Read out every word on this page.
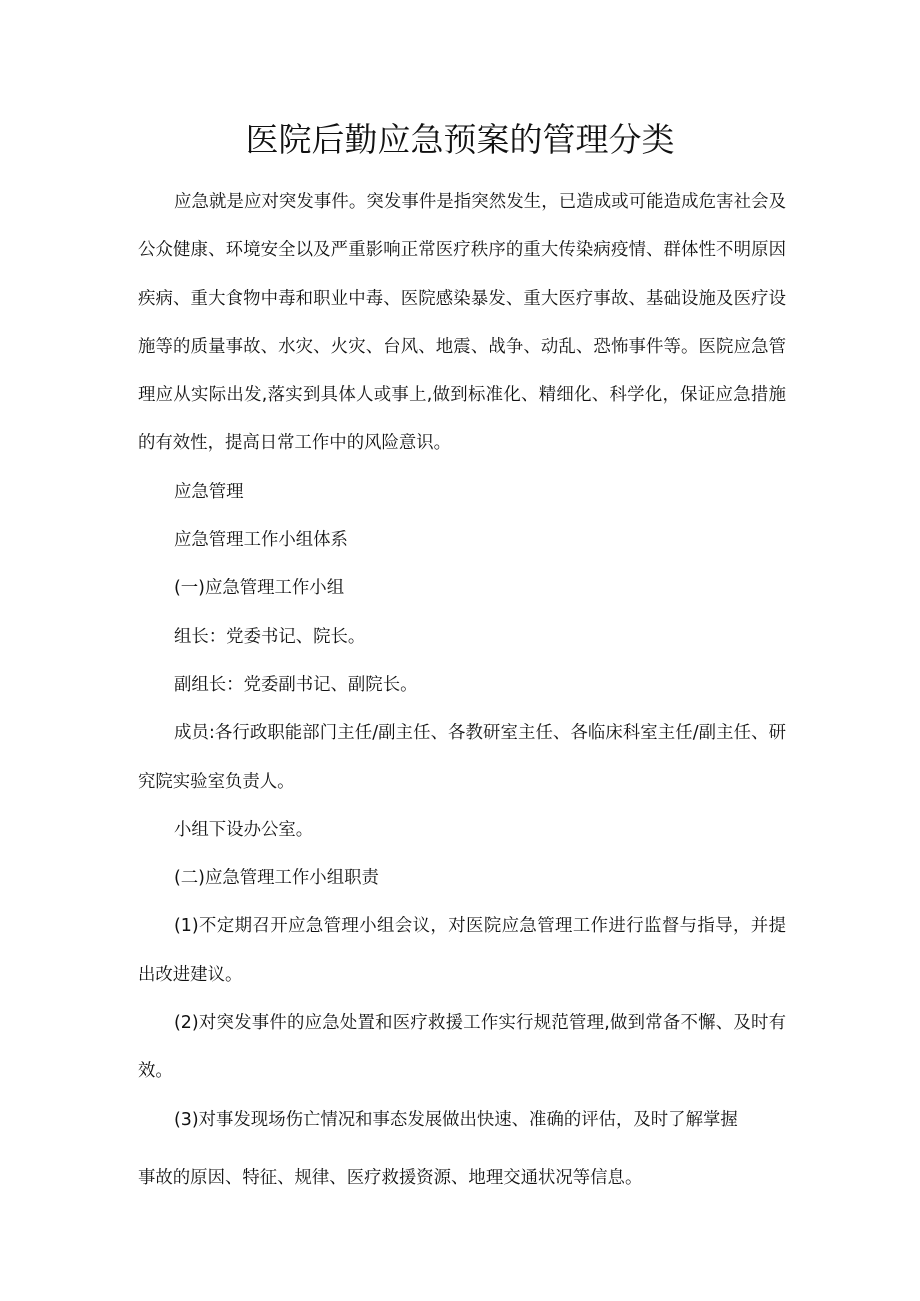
医院后勤应急预案的管理分类

应急就是应对突发事件。突发事件是指突然发生，已造成或可能造成危害社会及公众健康、环境安全以及严重影响正常医疗秩序的重大传染病疫情、群体性不明原因疾病、重大食物中毒和职业中毒、医院感染暴发、重大医疗事故、基础设施及医疗设施等的质量事故、水灾、火灾、台风、地震、战争、动乱、恐怖事件等。医院应急管理应从实际出发,落实到具体人或事上,做到标准化、精细化、科学化，保证应急措施的有效性，提高日常工作中的风险意识。

应急管理

应急管理工作小组体系

(一)应急管理工作小组

组长：党委书记、院长。

副组长：党委副书记、副院长。

成员:各行政职能部门主任/副主任、各教研室主任、各临床科室主任/副主任、研究院实验室负责人。

小组下设办公室。

(二)应急管理工作小组职责

(1)不定期召开应急管理小组会议，对医院应急管理工作进行监督与指导，并提出改进建议。

(2)对突发事件的应急处置和医疗救援工作实行规范管理,做到常备不懈、及时有效。

(3)对事发现场伤亡情况和事态发展做出快速、准确的评估，及时了解掌握

事故的原因、特征、规律、医疗救援资源、地理交通状况等信息。
